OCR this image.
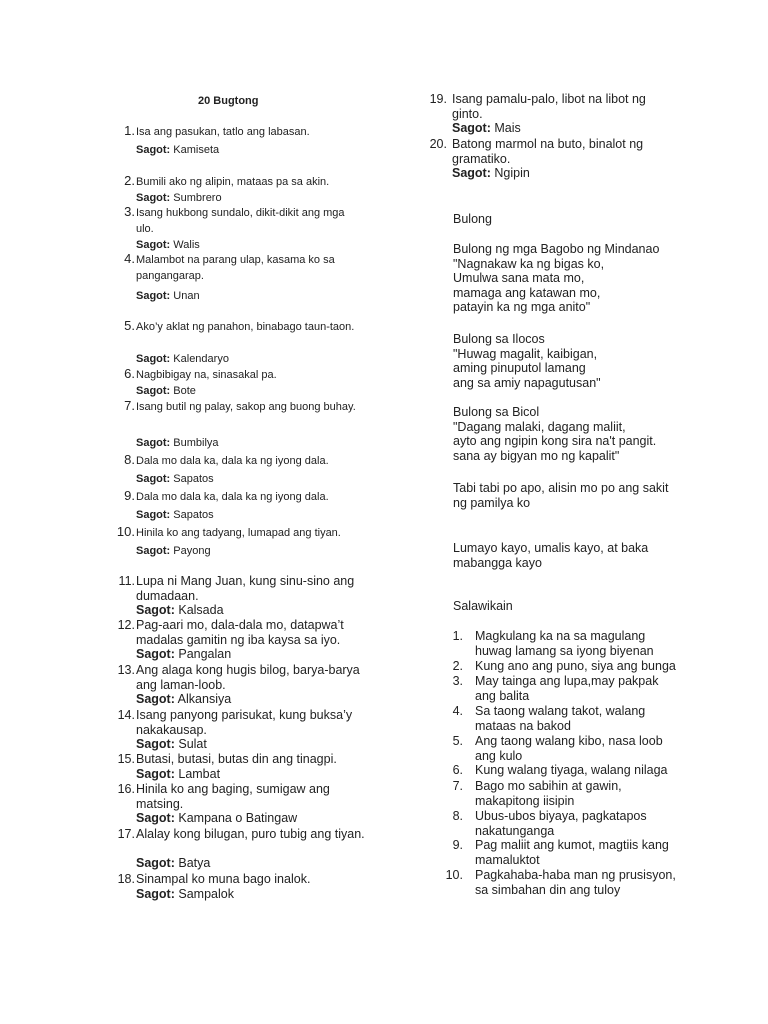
20 Bugtong
1. Isa ang pasukan, tatlo ang labasan.
Sagot: Kamiseta
2. Bumili ako ng alipin, mataas pa sa akin.
Sagot: Sumbrero
3. Isang hukbong sundalo, dikit-dikit ang mga ulo.
Sagot: Walis
4. Malambot na parang ulap, kasama ko sa pangangarap.
Sagot: Unan
5. Ako’y aklat ng panahon, binabago taun-taon.
Sagot: Kalendaryo
6. Nagbibigay na, sinasakal pa.
Sagot: Bote
7. Isang butil ng palay, sakop ang buong buhay.
Sagot: Bumbilya
8. Dala mo dala ka, dala ka ng iyong dala.
Sagot: Sapatos
9. Dala mo dala ka, dala ka ng iyong dala.
Sagot: Sapatos
10. Hinila ko ang tadyang, lumapad ang tiyan.
Sagot: Payong
11. Lupa ni Mang Juan, kung sinu-sino ang dumadaan.
Sagot: Kalsada
12. Pag-aari mo, dala-dala mo, datapwa’t madalas gamitin ng iba kaysa sa iyo.
Sagot: Pangalan
13. Ang alaga kong hugis bilog, barya-barya ang laman-loob.
Sagot: Alkansiya
14. Isang panyong parisukat, kung buksa’y nakakausap.
Sagot: Sulat
15. Butasi, butasi, butas din ang tinagpi.
Sagot: Lambat
16. Hinila ko ang baging, sumigaw ang matsing.
Sagot: Kampana o Batingaw
17. Alalay kong bilugan, puro tubig ang tiyan.
Sagot: Batya
18. Sinampal ko muna bago inalok.
Sagot: Sampalok
19. Isang pamalu-palo, libot na libot ng ginto.
Sagot: Mais
20. Batong marmol na buto, binalot ng gramatiko.
Sagot: Ngipin
Bulong
Bulong ng mga Bagobo ng Mindanao
"Nagnakaw ka ng bigas ko,
Umulwa sana mata mo,
mamaga ang katawan mo,
patayin ka ng mga anito"
Bulong sa Ilocos
"Huwag magalit, kaibigan,
aming pinuputol lamang
ang sa amiy napagutusan"
Bulong sa Bicol
"Dagang malaki, dagang maliit,
ayto ang ngipin kong sira na't pangit.
sana ay bigyan mo ng kapalit"
Tabi tabi po apo, alisin mo po ang sakit
ng pamilya ko
Lumayo kayo, umalis kayo, at baka
mabangga kayo
Salawikain
1. Magkulang ka na sa magulang
huwag lamang sa iyong biyenan
2. Kung ano ang puno, siya ang bunga
3. May tainga ang lupa,may pakpak
ang balita
4. Sa taong walang takot, walang
mataas na bakod
5. Ang taong walang kibo, nasa loob
ang kulo
6. Kung walang tiyaga, walang nilaga
7. Bago mo sabihin at gawin,
makapitong iisipin
8. Ubus-ubos biyaya, pagkatapos
nakatunganga
9. Pag maliit ang kumot, magtiis kang
mamaluktot
10. Pagkahaba-haba man ng prusisyon,
sa simbahan din ang tuloy
